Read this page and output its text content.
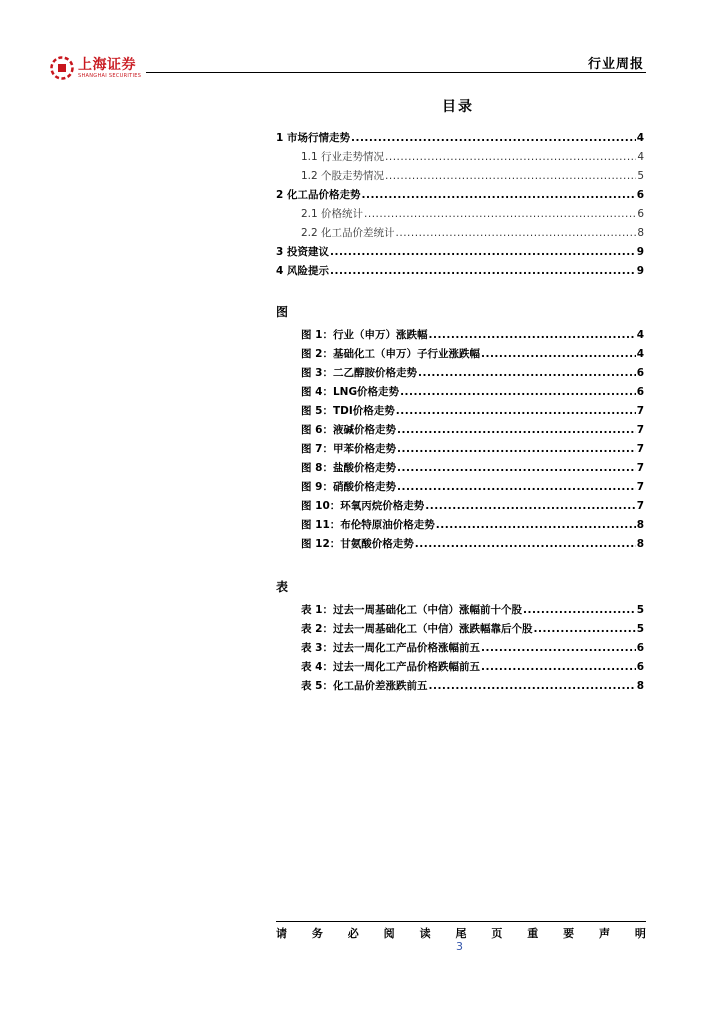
上海证券
SHANGHAI SECURITIES
行业周报
目录
1 市场行情走势 .....	4
1.1 行业走势情况 .....	4
1.2 个股走势情况 .....	5
2 化工品价格走势 .....	6
2.1 价格统计 .....	6
2.2 化工品价差统计 .....	8
3 投资建议 .....	9
4 风险提示 .....	9
图
图 1：行业（申万）涨跌幅 .....	4
图 2：基础化工（申万）子行业涨跌幅 .....	4
图 3：二乙醇胺价格走势 .....	6
图 4：LNG价格走势 .....	6
图 5：TDI价格走势 .....	7
图 6：液碱价格走势 .....	7
图 7：甲苯价格走势 .....	7
图 8：盐酸价格走势 .....	7
图 9：硝酸价格走势 .....	7
图 10：环氧丙烷价格走势 .....	7
图 11：布伦特原油价格走势 .....	8
图 12：甘氨酸价格走势 .....	8
表
表 1：过去一周基础化工（中信）涨幅前十个股 .....	5
表 2：过去一周基础化工（中信）涨跌幅靠后个股 .....	5
表 3：过去一周化工产品价格涨幅前五 .....	6
表 4：过去一周化工产品价格跌幅前五 .....	6
表 5：化工品价差涨跌前五 .....	8
请 务 必 阅 读 尾 页 重 要 声 明
3
